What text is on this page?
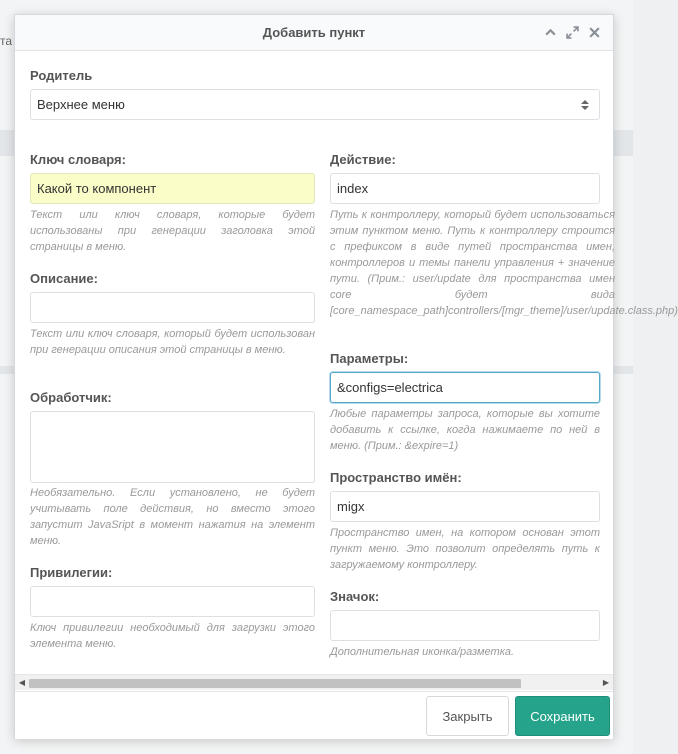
та
Добавить пункт
Родитель
Верхнее меню
Ключ словаря:
Какой то компонент
Текст или ключ словаря, которые будет использованы при генерации заголовка этой страницы в меню.
Описание:
Текст или ключ словаря, который будет использован при генерации описания этой страницы в меню.
Обработчик:
Необязательно. Если установлено, не будет учитывать поле действия, но вместо этого запустит JavaSript в момент нажатия на элемент меню.
Привилегии:
Ключ привилегии необходимый для загрузки этого элемента меню.
Действие:
index
Путь к контроллеру, который будет использоваться этим пунктом меню. Путь к контроллеру строится с префиксом в виде путей пространства имен, контроллеров и темы панели управления + значение пути. (Прим.: user/update для пространства имен core будет вида [core_namespace_path]controllers/[mgr_theme]/user/update.class.php)
Параметры:
&configs=electrica
Любые параметры запроса, которые вы хотите добавить к ссылке, когда нажимаете по ней в меню. (Прим.: &expire=1)
Пространство имён:
migx
Пространство имен, на котором основан этот пункт меню. Это позволит определять путь к загружаемому контроллеру.
Значок:
Дополнительная иконка/разметка.
◀	▶
Закрыть	Сохранить
